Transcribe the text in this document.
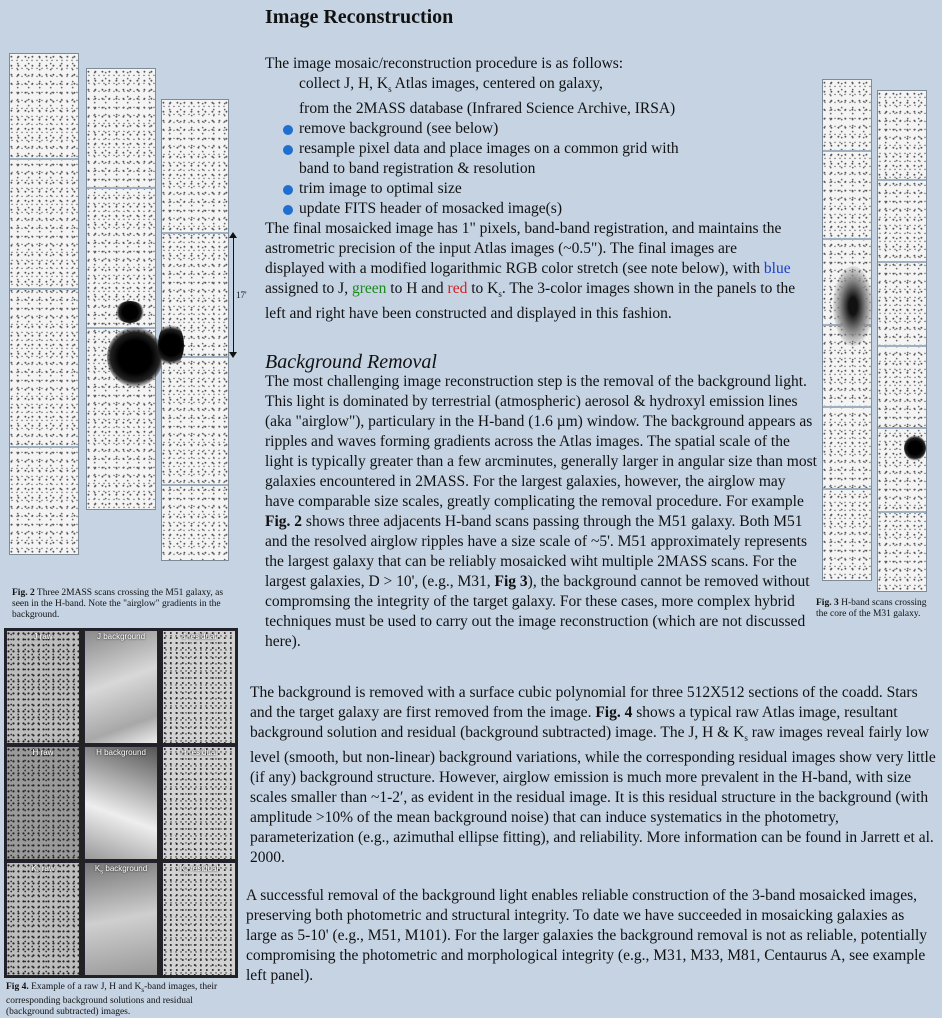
Image Reconstruction
The image mosaic/reconstruction procedure is as follows:
collect J, H, $K_s$ Atlas images, centered on galaxy,
from the 2MASS database (Infrared Science Archive, IRSA)
remove background (see below)
resample pixel data and place images on a common grid with
band to band registration & resolution
trim image to optimal size
update FITS header of mosacked image(s)
The final mosaicked image has 1" pixels, band-band registration, and maintains the astrometric precision of the input Atlas images (~0.5"). The final images are displayed with a modified logarithmic RGB color stretch (see note below), with blue assigned to J, green to H and red to $K_s$. The 3-color images shown in the panels to the left and right have been constructed and displayed in this fashion.
Background Removal
The most challenging image reconstruction step is the removal of the background light. This light is dominated by terrestrial (atmospheric) aerosol & hydroxyl emission lines (aka "airglow"), particulary in the H-band (1.6 µm) window. The background appears as ripples and waves forming gradients across the Atlas images. The spatial scale of the light is typically greater than a few arcminutes, generally larger in angular size than most galaxies encountered in 2MASS. For the largest galaxies, however, the airglow may have comparable size scales, greatly complicating the removal procedure. For example Fig. 2 shows three adjacents H-band scans passing through the M51 galaxy. Both M51 and the resolved airglow ripples have a size scale of ~5'. M51 approximately represents the largest galaxy that can be reliably mosaicked wiht multiple 2MASS scans. For the largest galaxies, D > 10', (e.g., M31, Fig 3), the background cannot be removed without compromsing the integrity of the target galaxy. For these cases, more complex hybrid techniques must be used to carry out the image reconstruction (which are not discussed here).
The background is removed with a surface cubic polynomial for three 512X512 sections of the coadd. Stars and the target galaxy are first removed from the image. Fig. 4 shows a typical raw Atlas image, resultant background solution and residual (background subtracted) image. The J, H & $K_s$ raw images reveal fairly low level (smooth, but non-linear) background variations, while the corresponding residual images show very little (if any) background structure. However, airglow emission is much more prevalent in the H-band, with size scales smaller than ~1-2′, as evident in the residual image. It is this residual structure in the background (with amplitude >10% of the mean background noise) that can induce systematics in the photometry, parameterization (e.g., azimuthal ellipse fitting), and reliability. More information can be found in Jarrett et al. 2000.
A successful removal of the background light enables reliable construction of the 3-band mosaicked images, preserving both photometric and structural integrity. To date we have succeeded in mosaicking galaxies as large as 5-10' (e.g., M51, M101). For the larger galaxies the background removal is not as reliable, potentially compromising the photometric and morphological integrity (e.g., M31, M33, M81, Centaurus A, see example left panel).
17'
Fig. 2 Three 2MASS scans crossing the M51 galaxy, as seen in the H-band. Note the "airglow" gradients in the background.
Fig. 3 H-band scans crossing the core of the M31 galaxy.
J raw	J background	J residual
H raw	H background	H residual
$K_s$ raw	$K_s$ background	$K_s$ residual
Fig 4. Example of a raw J, H and $K_s$-band images, their corresponding background solutions and residual (background subtracted) images.
